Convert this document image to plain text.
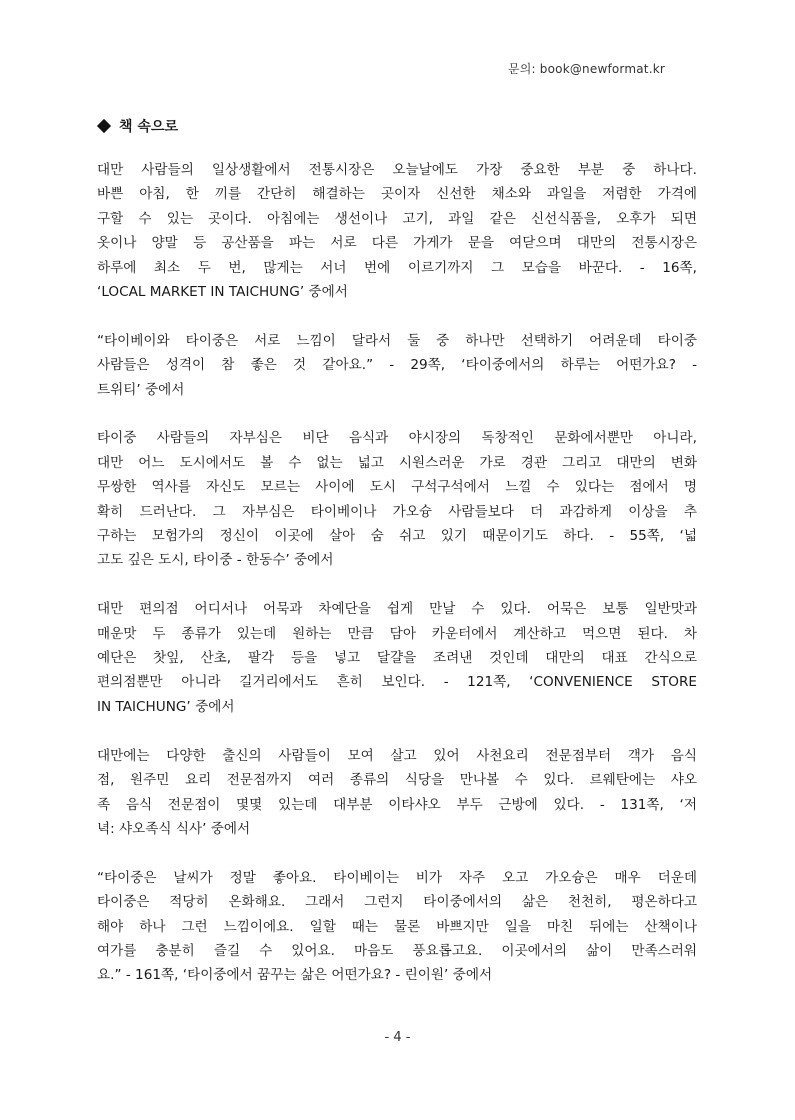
문의: book@newformat.kr
책 속으로

대만 사람들의 일상생활에서 전통시장은 오늘날에도 가장 중요한 부분 중 하나다.
바쁜 아침, 한 끼를 간단히 해결하는 곳이자 신선한 채소와 과일을 저렴한 가격에
구할 수 있는 곳이다. 아침에는 생선이나 고기, 과일 같은 신선식품을, 오후가 되면
옷이나 양말 등 공산품을 파는 서로 다른 가게가 문을 여닫으며 대만의 전통시장은
하루에 최소 두 번, 많게는 서너 번에 이르기까지 그 모습을 바꾼다. - 16쪽,
‘LOCAL MARKET IN TAICHUNG’ 중에서

“타이베이와 타이중은 서로 느낌이 달라서 둘 중 하나만 선택하기 어려운데 타이중
사람들은 성격이 참 좋은 것 같아요.” - 29쪽, ‘타이중에서의 하루는 어떤가요? -
트위티’ 중에서

타이중 사람들의 자부심은 비단 음식과 야시장의 독창적인 문화에서뿐만 아니라,
대만 어느 도시에서도 볼 수 없는 넓고 시원스러운 가로 경관 그리고 대만의 변화
무쌍한 역사를 자신도 모르는 사이에 도시 구석구석에서 느낄 수 있다는 점에서 명
확히 드러난다. 그 자부심은 타이베이나 가오슝 사람들보다 더 과감하게 이상을 추
구하는 모험가의 정신이 이곳에 살아 숨 쉬고 있기 때문이기도 하다. - 55쪽, ‘넓
고도 깊은 도시, 타이중 - 한동수’ 중에서

대만 편의점 어디서나 어묵과 차예단을 쉽게 만날 수 있다. 어묵은 보통 일반맛과
매운맛 두 종류가 있는데 원하는 만큼 담아 카운터에서 계산하고 먹으면 된다. 차
예단은 찻잎, 산초, 팔각 등을 넣고 달걀을 조려낸 것인데 대만의 대표 간식으로
편의점뿐만 아니라 길거리에서도 흔히 보인다. - 121쪽, ‘CONVENIENCE STORE
IN TAICHUNG’ 중에서

대만에는 다양한 출신의 사람들이 모여 살고 있어 사천요리 전문점부터 객가 음식
점, 원주민 요리 전문점까지 여러 종류의 식당을 만나볼 수 있다. 르웨탄에는 샤오
족 음식 전문점이 몇몇 있는데 대부분 이타샤오 부두 근방에 있다. - 131쪽, ‘저
녁: 샤오족식 식사’ 중에서

“타이중은 날씨가 정말 좋아요. 타이베이는 비가 자주 오고 가오슝은 매우 더운데
타이중은 적당히 온화해요. 그래서 그런지 타이중에서의 삶은 천천히, 평온하다고
해야 하나 그런 느낌이에요. 일할 때는 물론 바쁘지만 일을 마친 뒤에는 산책이나
여가를 충분히 즐길 수 있어요. 마음도 풍요롭고요. 이곳에서의 삶이 만족스러워
요.” - 161쪽, ‘타이중에서 꿈꾸는 삶은 어떤가요? - 린이원’ 중에서

- 4 -
